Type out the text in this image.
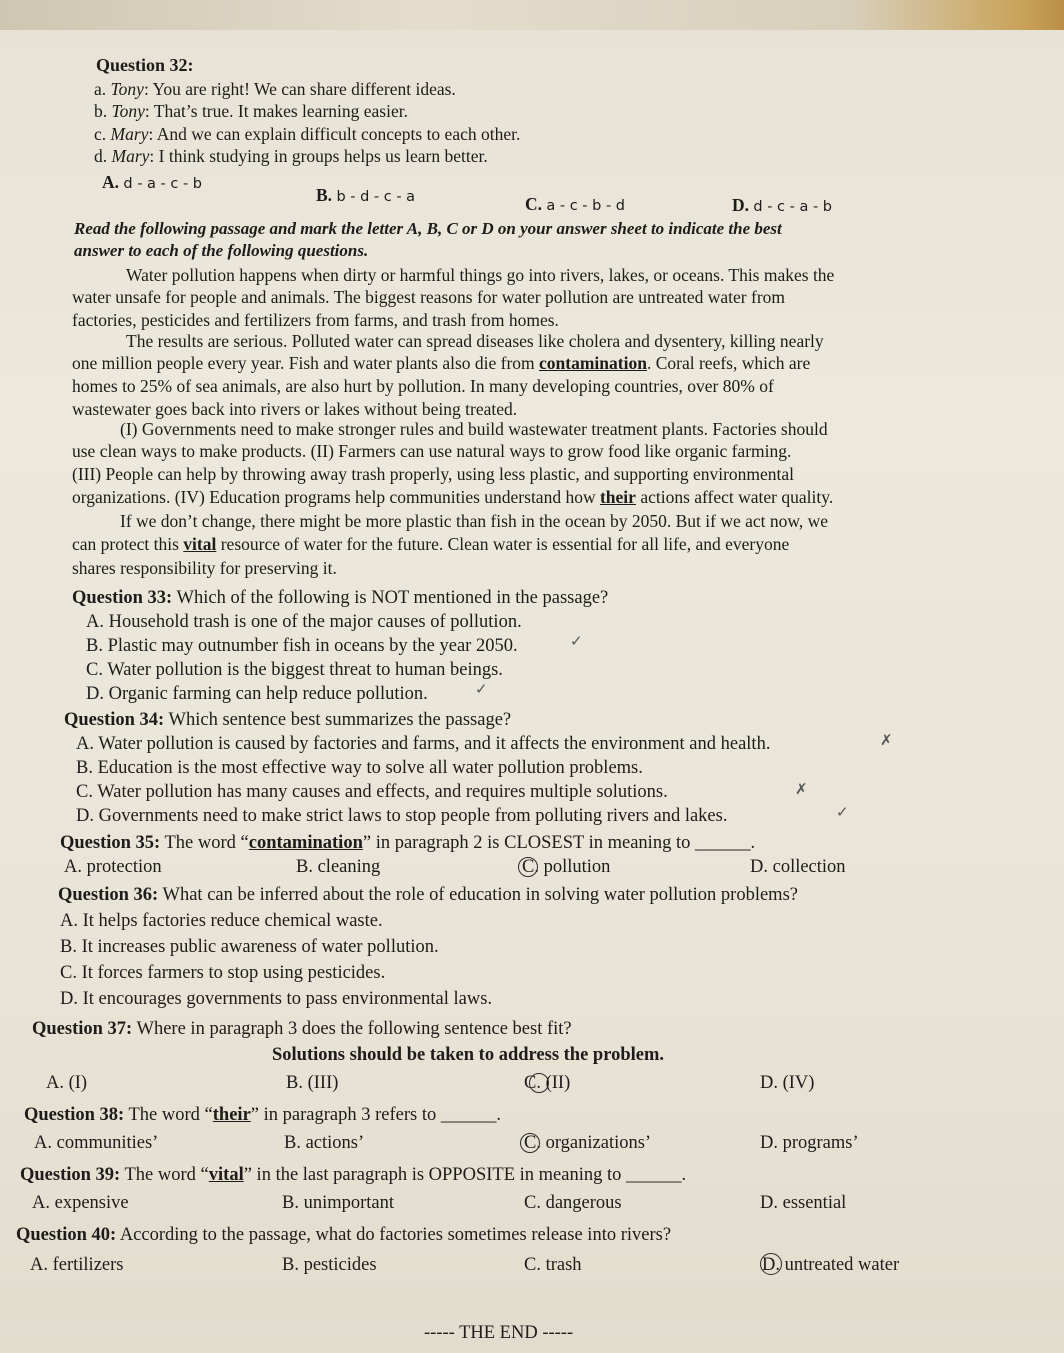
Question 32:
a. Tony: You are right! We can share different ideas.
b. Tony: That’s true. It makes learning easier.
c. Mary: And we can explain difficult concepts to each other.
d. Mary: I think studying in groups helps us learn better.
A. d - a - c - b
B. b - d - c - a	C. a - c - b - d	D. d - c - a - b
Read the following passage and mark the letter A, B, C or D on your answer sheet to indicate the best
answer to each of the following questions.
Water pollution happens when dirty or harmful things go into rivers, lakes, or oceans. This makes the
water unsafe for people and animals. The biggest reasons for water pollution are untreated water from
factories, pesticides and fertilizers from farms, and trash from homes.
The results are serious. Polluted water can spread diseases like cholera and dysentery, killing nearly
one million people every year. Fish and water plants also die from contamination. Coral reefs, which are
homes to 25% of sea animals, are also hurt by pollution. In many developing countries, over 80% of
wastewater goes back into rivers or lakes without being treated.
(I) Governments need to make stronger rules and build wastewater treatment plants. Factories should
use clean ways to make products. (II) Farmers can use natural ways to grow food like organic farming.
(III) People can help by throwing away trash properly, using less plastic, and supporting environmental
organizations. (IV) Education programs help communities understand how their actions affect water quality.
If we don’t change, there might be more plastic than fish in the ocean by 2050. But if we act now, we
can protect this vital resource of water for the future. Clean water is essential for all life, and everyone
shares responsibility for preserving it.
Question 33: Which of the following is NOT mentioned in the passage?
A. Household trash is one of the major causes of pollution.
B. Plastic may outnumber fish in oceans by the year 2050.
C. Water pollution is the biggest threat to human beings.
D. Organic farming can help reduce pollution.
✓
✓
Question 34: Which sentence best summarizes the passage?
A. Water pollution is caused by factories and farms, and it affects the environment and health.
B. Education is the most effective way to solve all water pollution problems.
C. Water pollution has many causes and effects, and requires multiple solutions.
D. Governments need to make strict laws to stop people from polluting rivers and lakes.
✗
✗
✓
Question 35: The word “contamination” in paragraph 2 is CLOSEST in meaning to ______.
A. protection	B. cleaning	C. pollution	D. collection
Question 36: What can be inferred about the role of education in solving water pollution problems?
A. It helps factories reduce chemical waste.
B. It increases public awareness of water pollution.
C. It forces farmers to stop using pesticides.
D. It encourages governments to pass environmental laws.
Question 37: Where in paragraph 3 does the following sentence best fit?
Solutions should be taken to address the problem.
A. (I)	B. (III)	C. (II)	D. (IV)
Question 38: The word “their” in paragraph 3 refers to ______.
A. communities’	B. actions’	C. organizations’	D. programs’
Question 39: The word “vital” in the last paragraph is OPPOSITE in meaning to ______.
A. expensive	B. unimportant	C. dangerous	D. essential
Question 40: According to the passage, what do factories sometimes release into rivers?
A. fertilizers	B. pesticides	C. trash	D. untreated water
----- THE END -----
